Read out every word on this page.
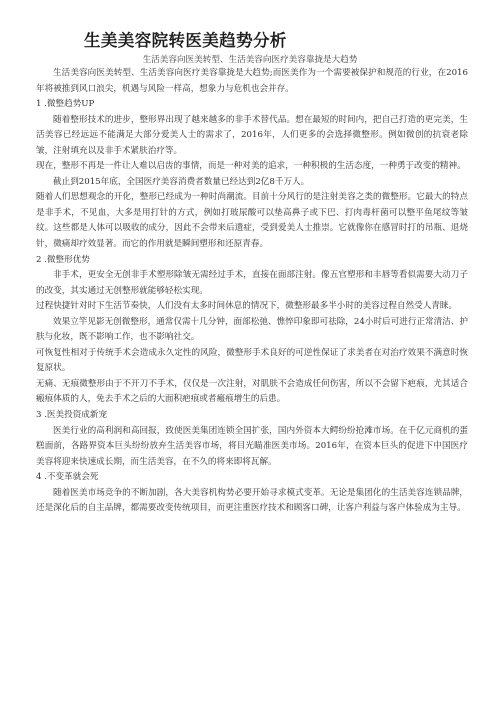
生美美容院转医美趋势分析
生活美容向医美转型、生活美容向医疗美容靠拢是大趋势

生活美容向医美转型、生活美容向医疗美容靠拢是大趋势;而医美作为一个需要被保护和规范的行业，在2016年将被推到风口浪尖，机遇与风险一样高，想象力与危机也会并存。

1 .微整趋势UP

随着整形技术的进步，整形界出现了越来越多的非手术替代品。想在最短的时间内，把自己打造的更完美，生活美容已经远远不能满足大部分爱美人士的需求了，2016年，人们更多的会选择微整形。例如微创的抗衰老除皱，注射填充以及非手术紧肤治疗等。

现在，整形不再是一件让人难以启齿的事情，而是一种对美的追求，一种积极的生活态度，一种勇于改变的精神。

截止到2015年底，全国医疗美容消费者数量已经达到2亿8千万人。

随着人们思想观念的开化，整形已经成为一种时尚潮流。目前十分风行的是注射美容之类的微整形。它最大的特点是非手术，不见血，大多是用打针的方式，例如打玻尿酸可以垫高鼻子或下巴、打肉毒杆菌可以整平鱼尾纹等皱纹。这些都是人体可以吸收的成分，因此不会带来后遗症，受到爱美人士推崇。它就像你在感冒时打的吊瓶、退烧针，微痛却疗效显著。而它的作用就是瞬间塑形和还原青春。

2 .微整形优势

非手术，更安全无创非手术塑形除皱无需经过手术，直接在面部注射。像五官塑形和丰唇等看似需要大动刀子的改变，其实通过无创整形就能够轻松实现。

过程快捷针对时下生活节奏快，人们没有太多时间休息的情况下，微整形最多半小时的美容过程自然受人青睐。

效果立竿见影无创微整形，通常仅需十几分钟，面部松弛、憔悴印象即可祛除，24小时后可进行正常清洁、护肤与化妆，既不影响工作，也不影响社交。

可恢复性相对于传统手术会造成永久定性的风险，微整形手术良好的可逆性保证了求美者在对治疗效果不满意时恢复原状。

无痛、无痕微整形由于不开刀不手术，仅仅是一次注射，对肌肤不会造成任何伤害，所以不会留下疤痕，尤其适合瘢痕体质的人，免去手术之后的大面积疤痕或者瘢痕增生的后患。

3 .医美投资成新宠

医美行业的高利润和高回报，致使医美集团连锁全国扩张，国内外资本大鳄纷纷抢滩市场。在千亿元商机的蛋糕面前，各路界资本巨头纷纷放弃生活美容市场，将目光瞄准医美市场。2016年，在资本巨头的促进下中国医疗美容将迎来快速成长期，而生活美容，在不久的将来即将瓦解。

4 .不变革就会死

随着医美市场竞争的不断加剧，各大美容机构势必要开始寻求模式变革。无论是集团化的生活美容连锁品牌，还是深化后的自主品牌，都需要改变传统项目，而更注重医疗技术和顾客口碑，让客户利益与客户体验成为主导。
